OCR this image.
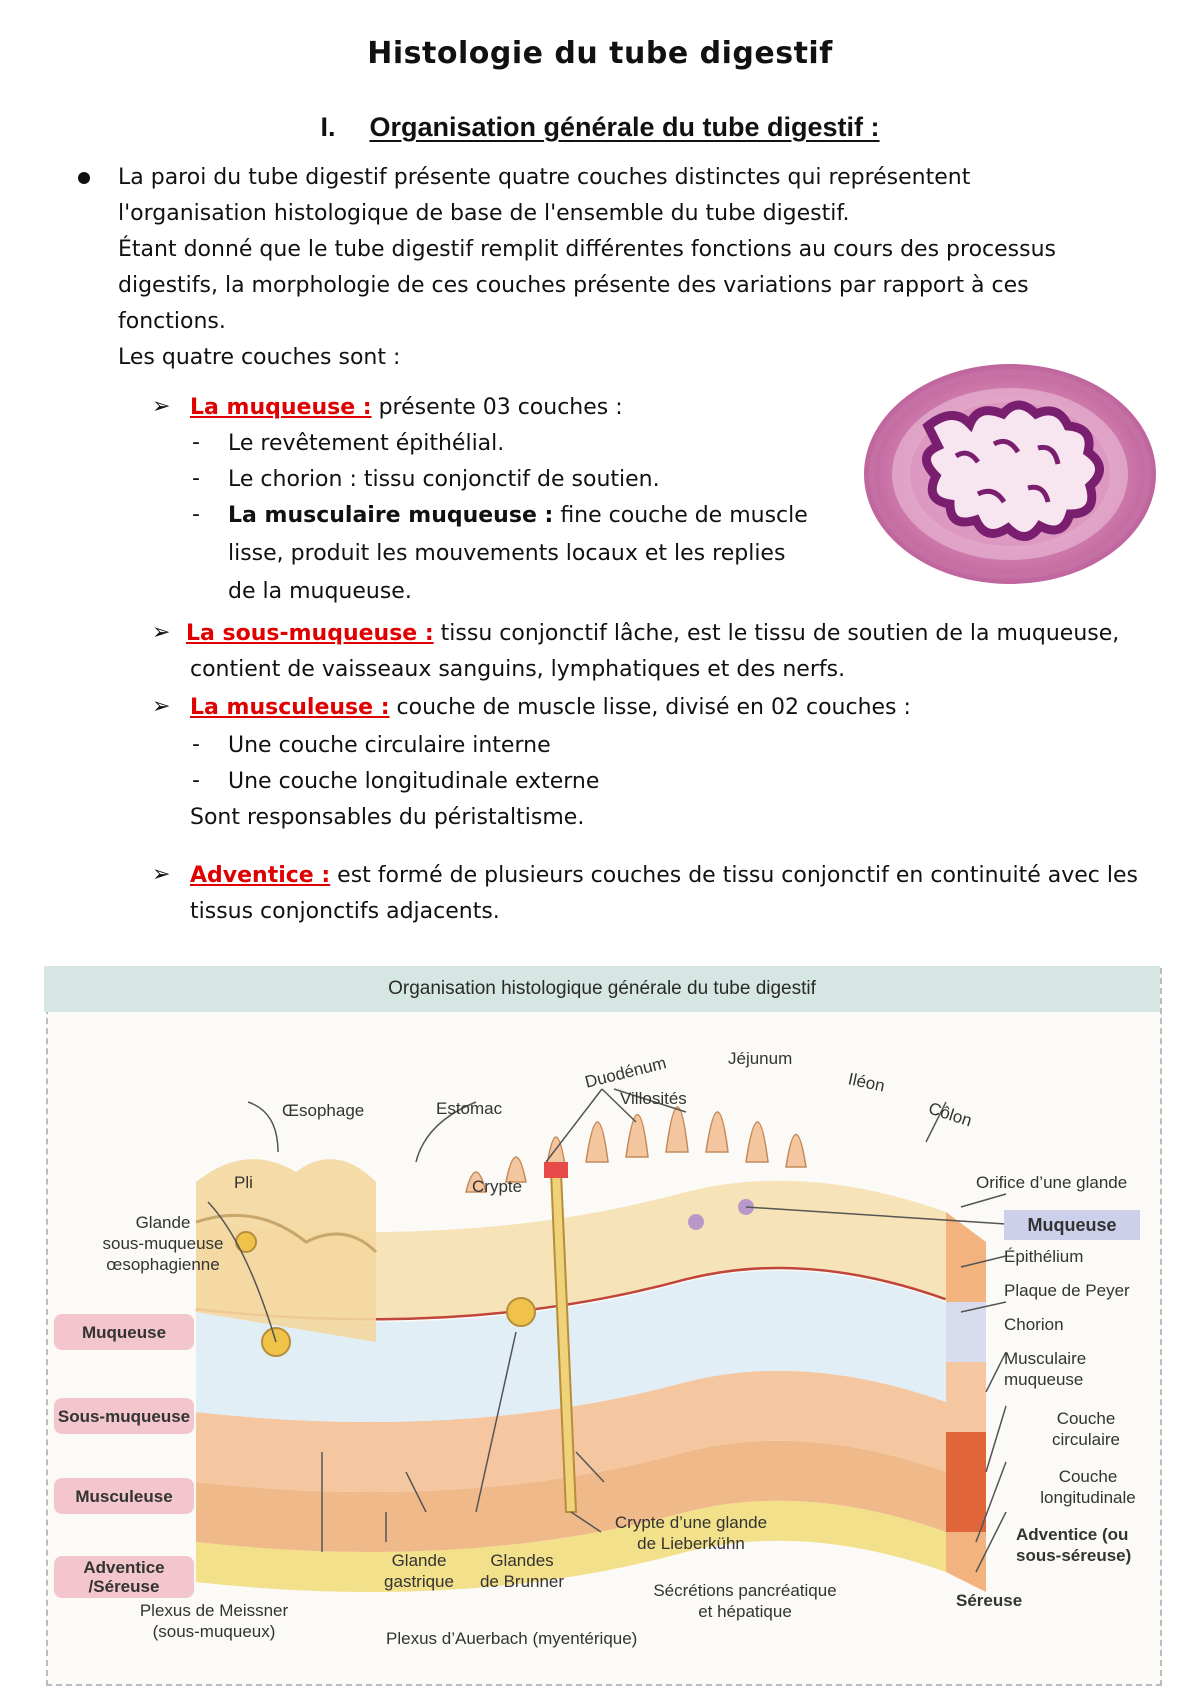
Histologie du tube digestif
I. Organisation générale du tube digestif :
La paroi du tube digestif présente quatre couches distinctes qui représentent
l'organisation histologique de base de l'ensemble du tube digestif.
Étant donné que le tube digestif remplit différentes fonctions au cours des processus
digestifs, la morphologie de ces couches présente des variations par rapport à ces
fonctions.
Les quatre couches sont :
➢ La muqueuse : présente 03 couches :
- Le revêtement épithélial.
- Le chorion : tissu conjonctif de soutien.
- La musculaire muqueuse : fine couche de muscle
lisse, produit les mouvements locaux et les replies
de la muqueuse.
➢ La sous-muqueuse : tissu conjonctif lâche, est le tissu de soutien de la muqueuse,
contient de vaisseaux sanguins, lymphatiques et des nerfs.
➢ La musculeuse : couche de muscle lisse, divisé en 02 couches :
- Une couche circulaire interne
- Une couche longitudinale externe
Sont responsables du péristaltisme.
➢ Adventice : est formé de plusieurs couches de tissu conjonctif en continuité avec les
tissus conjonctifs adjacents.
Organisation histologique générale du tube digestif
Œsophage	Estomac
Duodénum	Jéjunum
Iléon
Côlon
Villosités
Pli
Glande
sous-muqueuse
œsophagienne
Crypte
Muqueuse
Sous-muqueuse
Musculeuse
Adventice /Séreuse
Orifice d’une glande
Muqueuse
Épithélium
Plaque de Peyer
Chorion
Musculaire muqueuse
Couche circulaire
Couche longitudinale
Adventice (ou sous-séreuse)
Séreuse
Glande
gastrique
Glandes
de Brunner
Crypte d’une glande
de Lieberkühn
Sécrétions pancréatique
et hépatique
Plexus de Meissner
(sous-muqueux)	Plexus d’Auerbach (myentérique)
